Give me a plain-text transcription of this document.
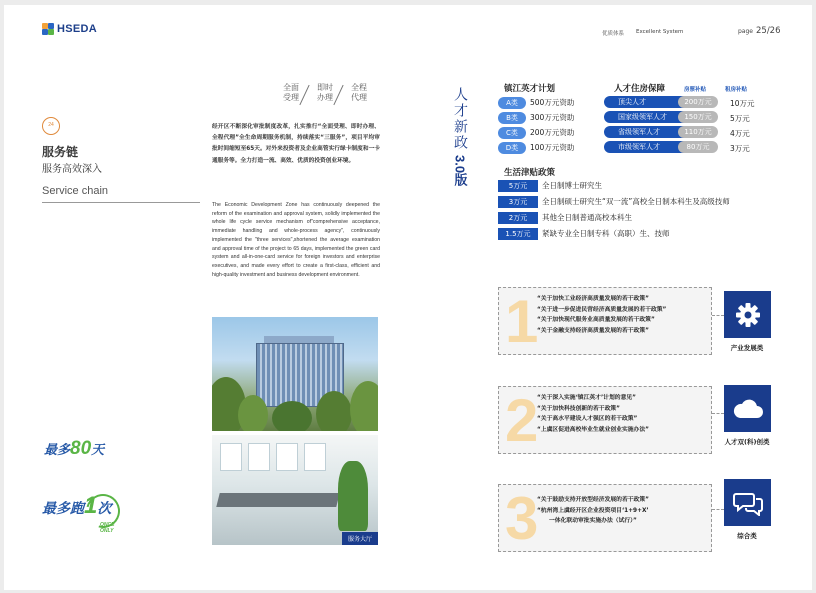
HSEDA
全面受理
即时办理
全程代理
24
服务链
服务高效深入
Service chain
经开区不断深化审批制度改革，扎实推行“全面受理、即时办理、全程代理”全生命周期服务机制，持续落实“三服务”，项目平均审批时间缩短至65天。对外来投资者及企业高管实行绿卡制度和一卡通服务等。全力打造一流、高效、优质的投资创业环境。
The Economic Development Zone has continuously deepened the reform of the examination and approval system, solidly implemented the whole life cycle service mechanism of"comprehensive acceptance, immediate handling and whole-process agency", continuously implemented the "three services",shortened the average examination and approval time of the project to 65 days, implemented the green card system and all-in-one-card service for foreign investors and enterprise executives, and made every effort to create a first-class, efficient and high-quality investment and business development environment.
服务大厅
最多80天
最多跑1次
ONCE ONLY
优质体系 Excellent System	page 25/26
人才新政
3.0版
镇江英才计划
A类	500万元资助
B类	300万元资助
C类	200万元资助
D类	100万元资助
人才住房保障	房票补贴	租房补贴
顶尖人才	200万元	10万元
国家级领军人才	150万元	5万元
省级领军人才	110万元	4万元
市级领军人才	80万元	3万元
生活津贴政策
5万元	全日制博士研究生
3万元	全日制硕士研究生“双一流”高校全日制本科生及高级技师
2万元	其他全日制普通高校本科生
1.5万元	紧缺专业全日制专科（高职）生、技师
1
“关于加快工业经济高质量发展的若干政策”
“关于进一步促进民营经济高质量发展的若干政策”
“关于加快现代服务业高质量发展的若干政策”
“关于金融支持经济高质量发展的若干政策”
产业发展类
2
“关于深入实施‘镇江英才’计划的意见”
“关于加快科技创新的若干政策”
“关于高水平建设人才强区的若干政策”
“上虞区促进高校毕业生就业创业实施办法”
人才双(科)创类
3
“关于鼓励支持开放型经济发展的若干政策”
“杭州湾上虞经开区企业投资项目‘1+9+X’
一体化联动审批实施办法（试行）”
综合类
